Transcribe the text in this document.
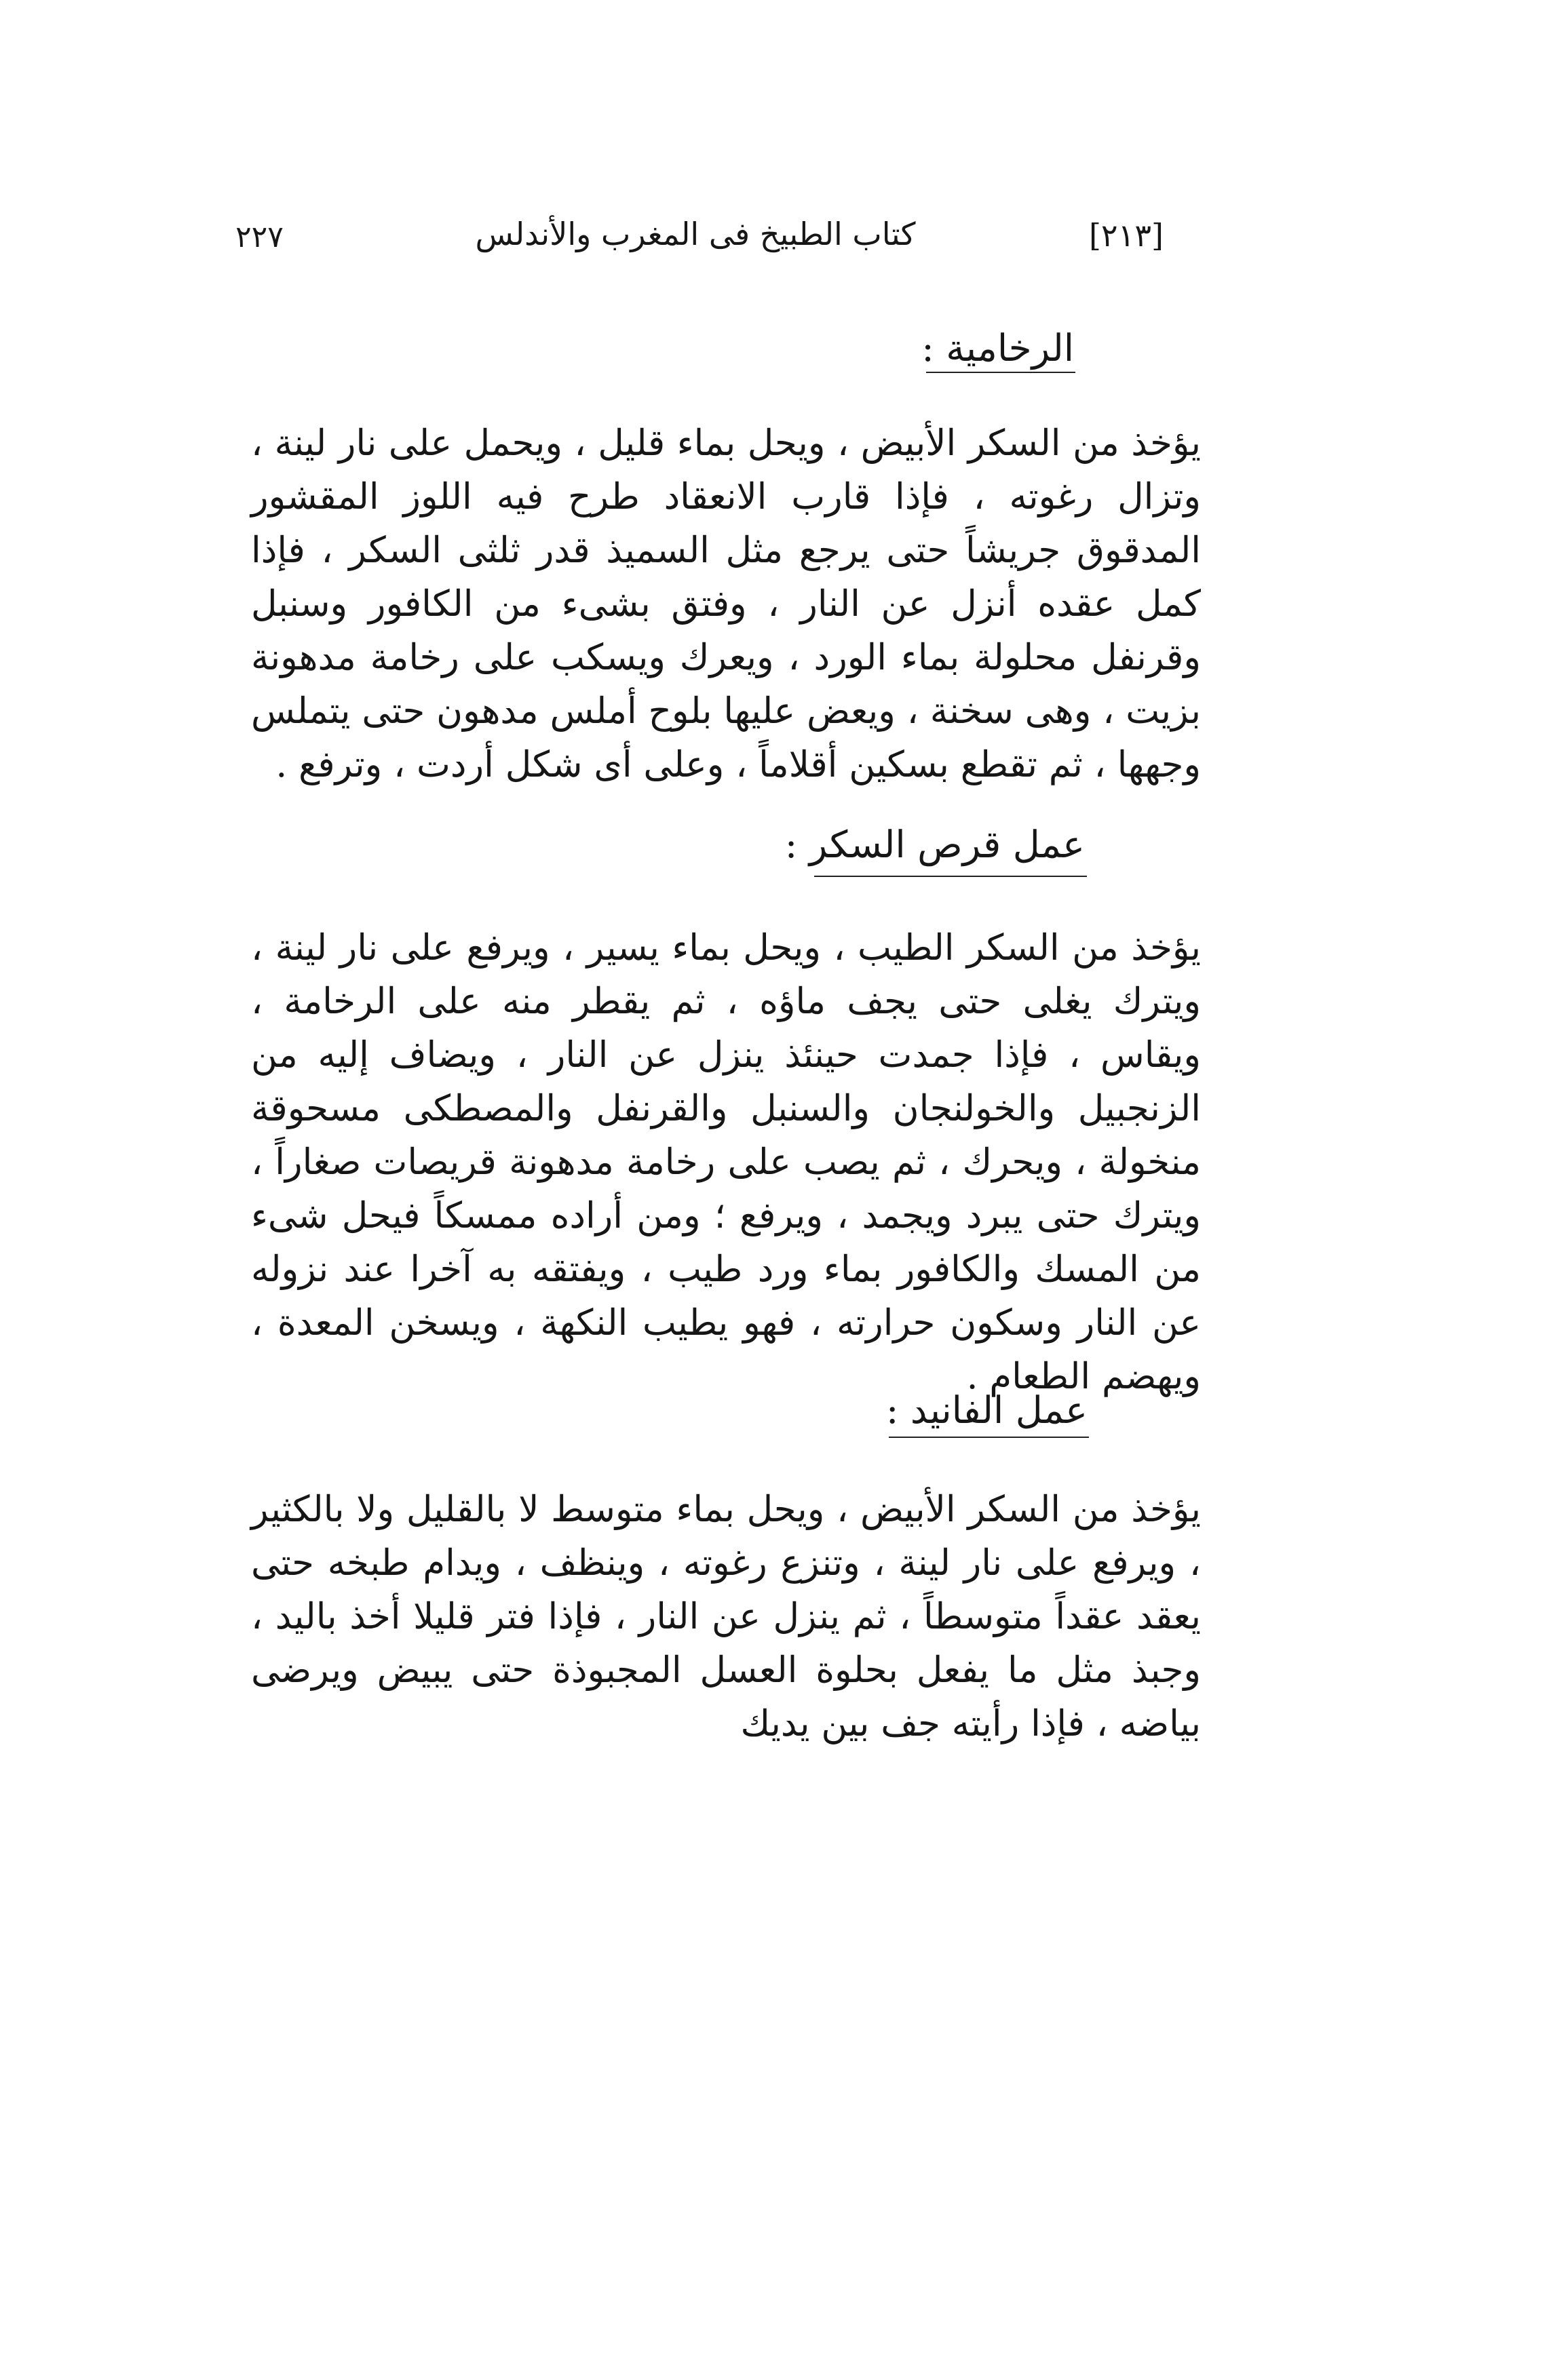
٢٢٧	كتاب الطبيخ فى المغرب والأندلس	[٢١٣]
الرخامية :

يؤخذ من السكر الأبيض ، ويحل بماء قليل ، ويحمل على نار لينة ، وتزال رغوته ، فإذا قارب الانعقاد طرح فيه اللوز المقشور المدقوق جريشاً حتى يرجع مثل السميذ قدر ثلثى السكر ، فإذا كمل عقده أنزل عن النار ، وفتق بشىء من الكافور وسنبل وقرنفل محلولة بماء الورد ، ويعرك ويسكب على رخامة مدهونة بزيت ، وهى سخنة ، ويعض عليها بلوح أملس مدهون حتى يتملس وجهها ، ثم تقطع بسكين أقلاماً ، وعلى أى شكل أردت ، وترفع .

عمل قرص السكر :

يؤخذ من السكر الطيب ، ويحل بماء يسير ، ويرفع على نار لينة ، ويترك يغلى حتى يجف ماؤه ، ثم يقطر منه على الرخامة ، ويقاس ، فإذا جمدت حينئذ ينزل عن النار ، ويضاف إليه من الزنجبيل والخولنجان والسنبل والقرنفل والمصطكى مسحوقة منخولة ، ويحرك ، ثم يصب على رخامة مدهونة قريصات صغاراً ، ويترك حتى يبرد ويجمد ، ويرفع ؛ ومن أراده ممسكاً فيحل شىء من المسك والكافور بماء ورد طيب ، ويفتقه به آخرا عند نزوله عن النار وسكون حرارته ، فهو يطيب النكهة ، ويسخن المعدة ، ويهضم الطعام .

عمل الفانيد :

يؤخذ من السكر الأبيض ، ويحل بماء متوسط لا بالقليل ولا بالكثير ، ويرفع على نار لينة ، وتنزع رغوته ، وينظف ، ويدام طبخه حتى يعقد عقداً متوسطاً ، ثم ينزل عن النار ، فإذا فتر قليلا أخذ باليد ، وجبذ مثل ما يفعل بحلوة العسل المجبوذة حتى يبيض ويرضى بياضه ، فإذا رأيته جف بين يديك
